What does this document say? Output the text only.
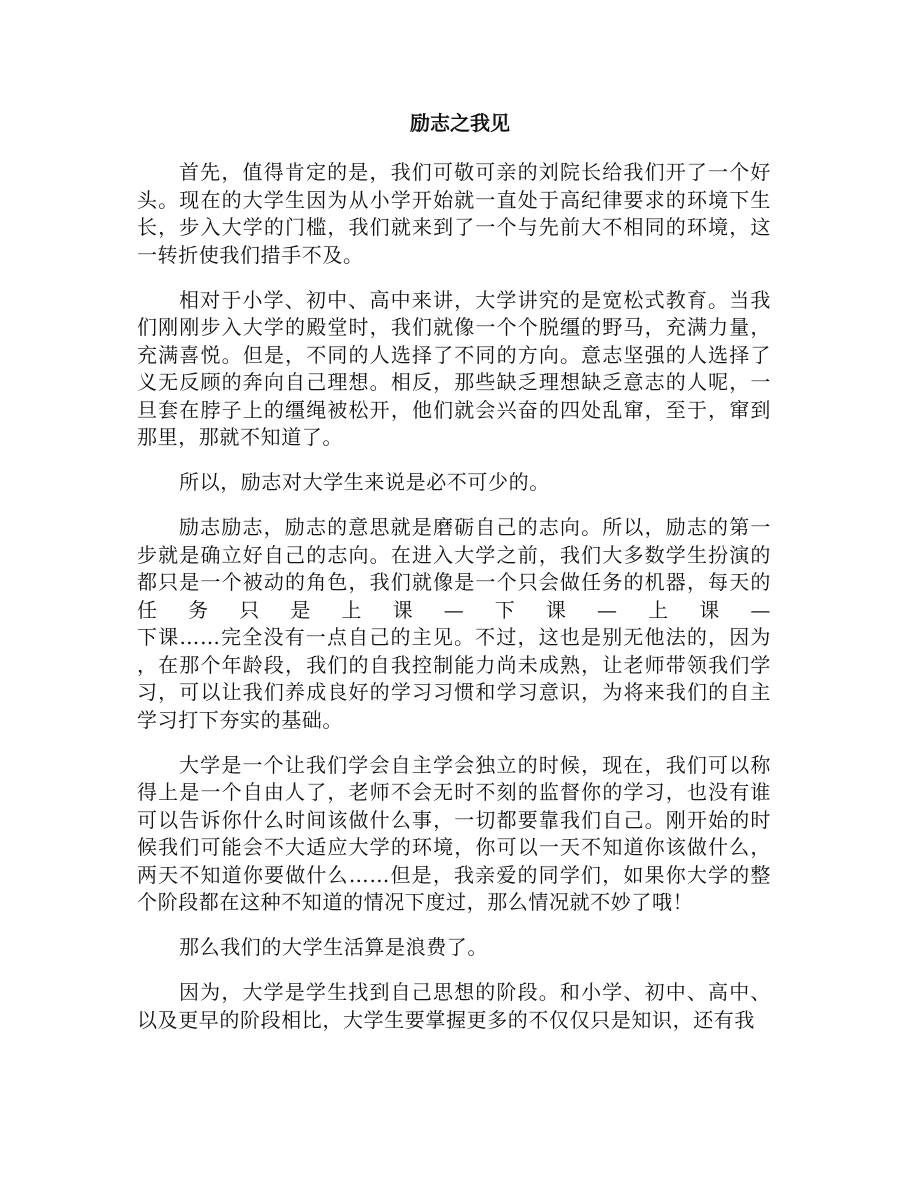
励志之我见
首先，值得肯定的是，我们可敬可亲的刘院长给我们开了一个好
头。现在的大学生因为从小学开始就一直处于高纪律要求的环境下生
长，步入大学的门槛，我们就来到了一个与先前大不相同的环境，这
一转折使我们措手不及。
相对于小学、初中、高中来讲，大学讲究的是宽松式教育。当我
们刚刚步入大学的殿堂时，我们就像一个个脱缰的野马，充满力量，
充满喜悦。但是，不同的人选择了不同的方向。意志坚强的人选择了
义无反顾的奔向自己理想。相反，那些缺乏理想缺乏意志的人呢，一
旦套在脖子上的缰绳被松开，他们就会兴奋的四处乱窜，至于，窜到
那里，那就不知道了。
所以，励志对大学生来说是必不可少的。
励志励志，励志的意思就是磨砺自己的志向。所以，励志的第一
步就是确立好自己的志向。在进入大学之前，我们大多数学生扮演的
都只是一个被动的角色，我们就像是一个只会做任务的机器，每天的
任务只是上课—下课—上课—
下课……完全没有一点自己的主见。不过，这也是别无他法的，因为
，在那个年龄段，我们的自我控制能力尚未成熟，让老师带领我们学
习，可以让我们养成良好的学习习惯和学习意识，为将来我们的自主
学习打下夯实的基础。
大学是一个让我们学会自主学会独立的时候，现在，我们可以称
得上是一个自由人了，老师不会无时不刻的监督你的学习，也没有谁
可以告诉你什么时间该做什么事，一切都要靠我们自己。刚开始的时
候我们可能会不大适应大学的环境，你可以一天不知道你该做什么，
两天不知道你要做什么……但是，我亲爱的同学们，如果你大学的整
个阶段都在这种不知道的情况下度过，那么情况就不妙了哦！
那么我们的大学生活算是浪费了。
因为，大学是学生找到自己思想的阶段。和小学、初中、高中、
以及更早的阶段相比，大学生要掌握更多的不仅仅只是知识，还有我
